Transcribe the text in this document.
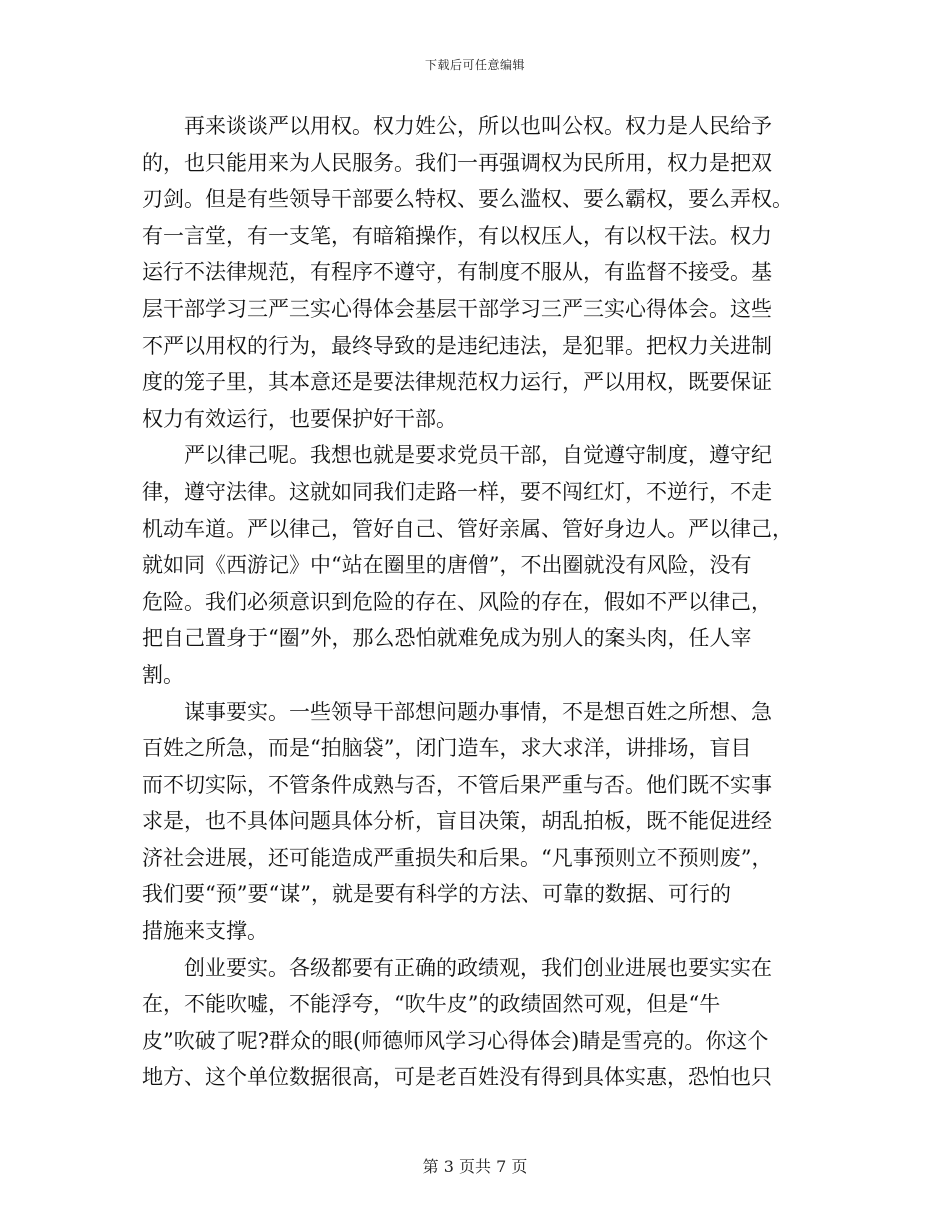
下载后可任意编辑
再来谈谈严以用权。权力姓公，所以也叫公权。权力是人民给予
的，也只能用来为人民服务。我们一再强调权为民所用，权力是把双
刃剑。但是有些领导干部要么特权、要么滥权、要么霸权，要么弄权。
有一言堂，有一支笔，有暗箱操作，有以权压人，有以权干法。权力
运行不法律规范，有程序不遵守，有制度不服从，有监督不接受。基
层干部学习三严三实心得体会基层干部学习三严三实心得体会。这些
不严以用权的行为，最终导致的是违纪违法，是犯罪。把权力关进制
度的笼子里，其本意还是要法律规范权力运行，严以用权，既要保证
权力有效运行，也要保护好干部。
严以律己呢。我想也就是要求党员干部，自觉遵守制度，遵守纪
律，遵守法律。这就如同我们走路一样，要不闯红灯，不逆行，不走
机动车道。严以律己，管好自己、管好亲属、管好身边人。严以律己，
就如同《西游记》中“站在圈里的唐僧”，不出圈就没有风险，没有
危险。我们必须意识到危险的存在、风险的存在，假如不严以律己，
把自己置身于“圈”外，那么恐怕就难免成为别人的案头肉，任人宰
割。
谋事要实。一些领导干部想问题办事情，不是想百姓之所想、急
百姓之所急，而是“拍脑袋”，闭门造车，求大求洋，讲排场，盲目
而不切实际，不管条件成熟与否，不管后果严重与否。他们既不实事
求是，也不具体问题具体分析，盲目决策，胡乱拍板，既不能促进经
济社会进展，还可能造成严重损失和后果。“凡事预则立不预则废”，
我们要“预”要“谋”，就是要有科学的方法、可靠的数据、可行的
措施来支撑。
创业要实。各级都要有正确的政绩观，我们创业进展也要实实在
在，不能吹嘘，不能浮夸，“吹牛皮”的政绩固然可观，但是“牛
皮”吹破了呢?群众的眼(师德师风学习心得体会)睛是雪亮的。你这个
地方、这个单位数据很高，可是老百姓没有得到具体实惠，恐怕也只
第 3 页共 7 页
